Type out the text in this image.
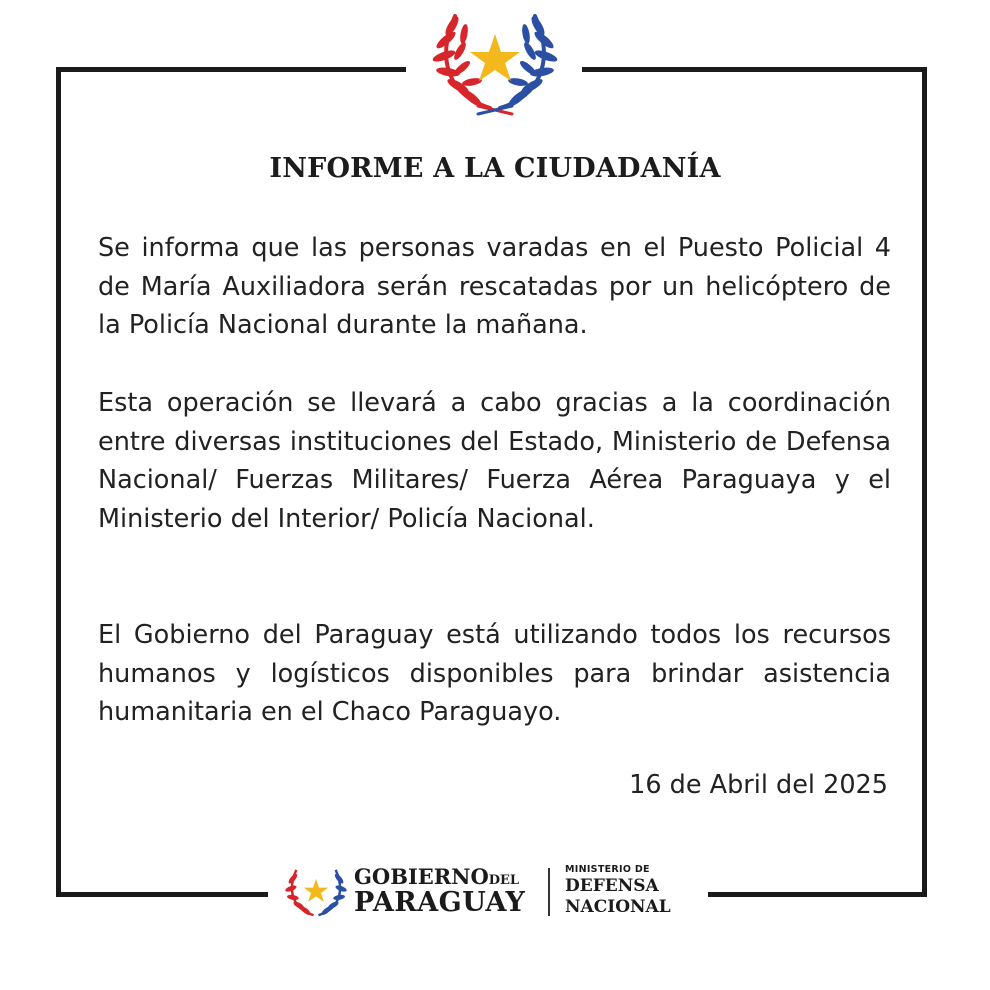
INFORME A LA CIUDADANÍA
Se informa que las personas varadas en el Puesto Policial 4 de María Auxiliadora serán rescatadas por un helicóptero de la Policía Nacional durante la mañana.
Esta operación se llevará a cabo gracias a la coordinación entre diversas instituciones del Estado, Ministerio de Defensa Nacional/ Fuerzas Militares/ Fuerza Aérea Paraguaya y el Ministerio del Interior/ Policía Nacional.
El Gobierno del Paraguay está utilizando todos los recursos humanos y logísticos disponibles para brindar asistencia humanitaria en el Chaco Paraguayo.
16 de Abril del 2025
GOBIERNODEL
PARAGUAY
MINISTERIO DE
DEFENSA
NACIONAL
